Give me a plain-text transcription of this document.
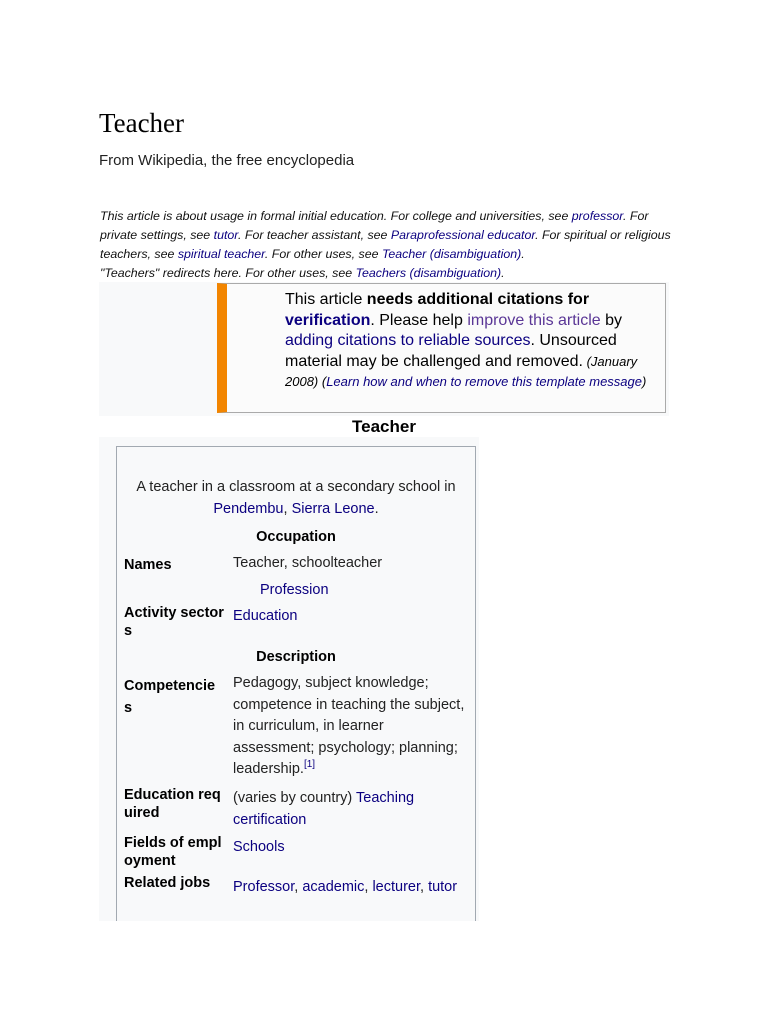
Teacher
From Wikipedia, the free encyclopedia

This article is about usage in formal initial education. For college and universities, see professor. For private settings, see tutor. For teacher assistant, see Paraprofessional educator. For spiritual or religious teachers, see spiritual teacher. For other uses, see Teacher (disambiguation).

"Teachers" redirects here. For other uses, see Teachers (disambiguation).

This article needs additional citations for verification. Please help improve this article by adding citations to reliable sources. Unsourced material may be challenged and removed. (January 2008) (Learn how and when to remove this template message)
Teacher
A teacher in a classroom at a secondary school in Pendembu, Sierra Leone.
Occupation
Names	Teacher, schoolteacher
Profession
Activity sectors
Education
Description
Competencies
Pedagogy, subject knowledge; competence in teaching the subject, in curriculum, in learner assessment; psychology; planning; leadership.[1]
Education required
(varies by country) Teaching certification
Fields of employment
Schools
Related jobs	Professor, academic, lecturer, tutor
